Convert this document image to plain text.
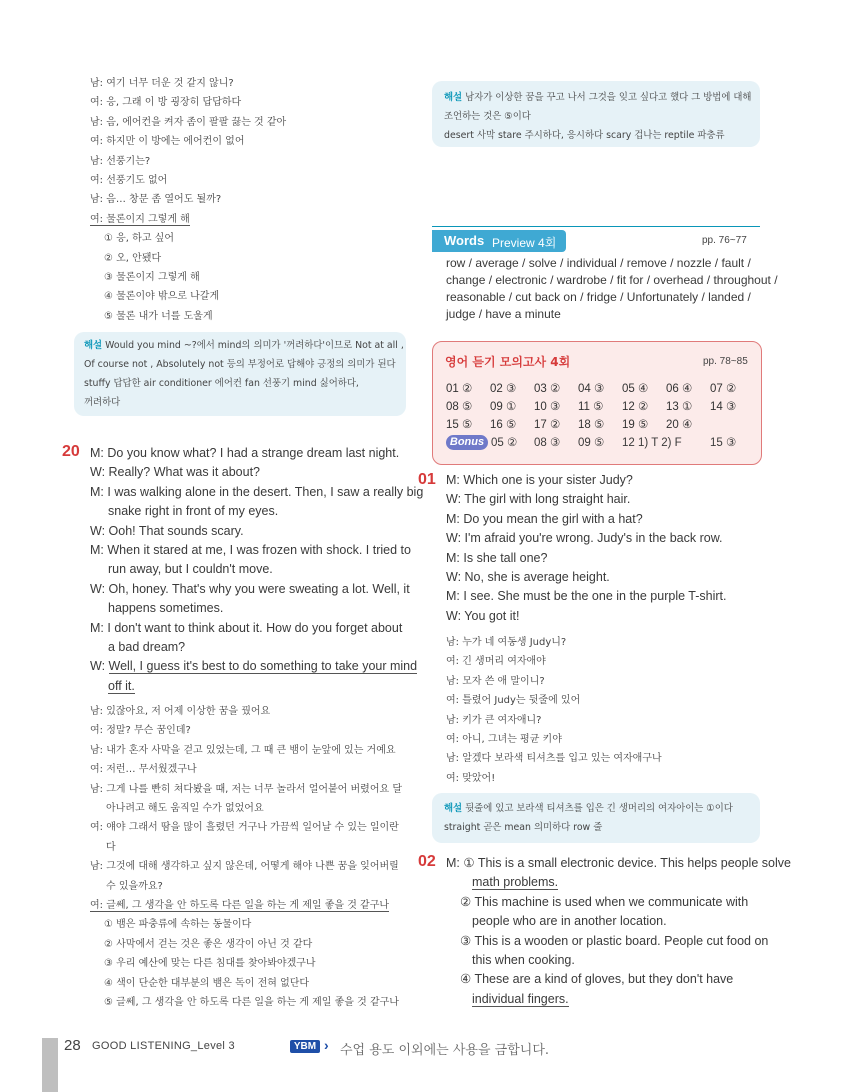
남: 여기 너무 더운 것 같지 않니?
여: 응, 그래 이 방 굉장히 답답하다
남: 음, 에어컨을 켜자 좀이 팔팔 끓는 것 같아
여: 하지만 이 방에는 에어컨이 없어
남: 선풍기는?
여: 선풍기도 없어
남: 음… 창문 좀 열어도 될까?
여: 물론이지 그렇게 해
① 응, 하고 싶어
② 오, 안됐다
③ 물론이지 그렇게 해
④ 물론이야 밖으로 나갈게
⑤ 물론 내가 너를 도울게
해설 Would you mind ~?에서 mind의 의미가 '꺼려하다'이므로 Not at all ,
Of course not , Absolutely not 등의 부정어로 답해야 긍정의 의미가 된다
stuffy 답답한 air conditioner 에어컨 fan 선풍기 mind 싫어하다,
꺼려하다
20 M: Do you know what? I had a strange dream last night.
W: Really? What was it about?
M: I was walking alone in the desert. Then, I saw a really big
snake right in front of my eyes.
W: Ooh! That sounds scary.
M: When it stared at me, I was frozen with shock. I tried to
run away, but I couldn't move.
W: Oh, honey. That's why you were sweating a lot. Well, it
happens sometimes.
M: I don't want to think about it. How do you forget about
a bad dream?
W: Well, I guess it's best to do something to take your mind
off it.
남: 있잖아요, 저 어제 이상한 꿈을 꿨어요
여: 정말? 무슨 꿈인데?
남: 내가 혼자 사막을 걷고 있었는데, 그 때 큰 뱀이 눈앞에 있는 거예요
여: 저런… 무서웠겠구나
남: 그게 나를 빤히 쳐다봤을 때, 저는 너무 놀라서 얼어붙어 버렸어요 달
아나려고 해도 움직일 수가 없었어요
여: 얘야 그래서 땀을 많이 흘렸던 거구나 가끔씩 일어날 수 있는 일이란
다
남: 그것에 대해 생각하고 싶지 않은데, 어떻게 해야 나쁜 꿈을 잊어버릴
수 있을까요?
여: 글쎄, 그 생각을 안 하도록 다른 일을 하는 게 제일 좋을 것 같구나
① 뱀은 파충류에 속하는 동물이다
② 사막에서 걷는 것은 좋은 생각이 아닌 것 같다
③ 우리 예산에 맞는 다른 침대를 찾아봐야겠구나
④ 색이 단순한 대부분의 뱀은 독이 전혀 없단다
⑤ 글쎄, 그 생각을 안 하도록 다른 일을 하는 게 제일 좋을 것 같구나
해설 남자가 이상한 꿈을 꾸고 나서 그것을 잊고 싶다고 했다 그 방법에 대해
조언하는 것은 ⑤이다
desert 사막 stare 주시하다, 응시하다 scary 겁나는 reptile 파충류
Words Preview 4회	pp. 76~77
row / average / solve / individual / remove / nozzle / fault /
change / electronic / wardrobe / fit for / overhead / throughout /
reasonable / cut back on / fridge / Unfortunately / landed /
judge / have a minute
영어 듣기 모의고사 4회	pp. 78~85
01 ②	02 ③	03 ②	04 ③	05 ④	06 ④	07 ②
08 ⑤	09 ①	10 ③	11 ⑤	12 ②	13 ①	14 ③
15 ⑤	16 ⑤	17 ②	18 ⑤	19 ⑤	20 ④	
Bonus 05 ② 08 ③ 09 ⑤ 12 1) T 2) F 15 ③
01 M: Which one is your sister Judy?
W: The girl with long straight hair.
M: Do you mean the girl with a hat?
W: I'm afraid you're wrong. Judy's in the back row.
M: Is she tall one?
W: No, she is average height.
M: I see. She must be the one in the purple T-shirt.
W: You got it!
남: 누가 네 여동생 Judy니?
여: 긴 생머리 여자애야
남: 모자 쓴 애 말이니?
여: 틀렸어 Judy는 뒷줄에 있어
남: 키가 큰 여자애니?
여: 아니, 그녀는 평균 키야
남: 알겠다 보라색 티셔츠를 입고 있는 여자애구나
여: 맞았어!
해설 뒷줄에 있고 보라색 티셔츠를 입은 긴 생머리의 여자아이는 ①이다
straight 곧은 mean 의미하다 row 줄
02 M: ① This is a small electronic device. This helps people solve
math problems.
② This machine is used when we communicate with
people who are in another location.
③ This is a wooden or plastic board. People cut food on
this when cooking.
④ These are a kind of gloves, but they don't have
individual fingers.
28 GOOD LISTENING_Level 3	YBM › 수업 용도 이외에는 사용을 금합니다.
